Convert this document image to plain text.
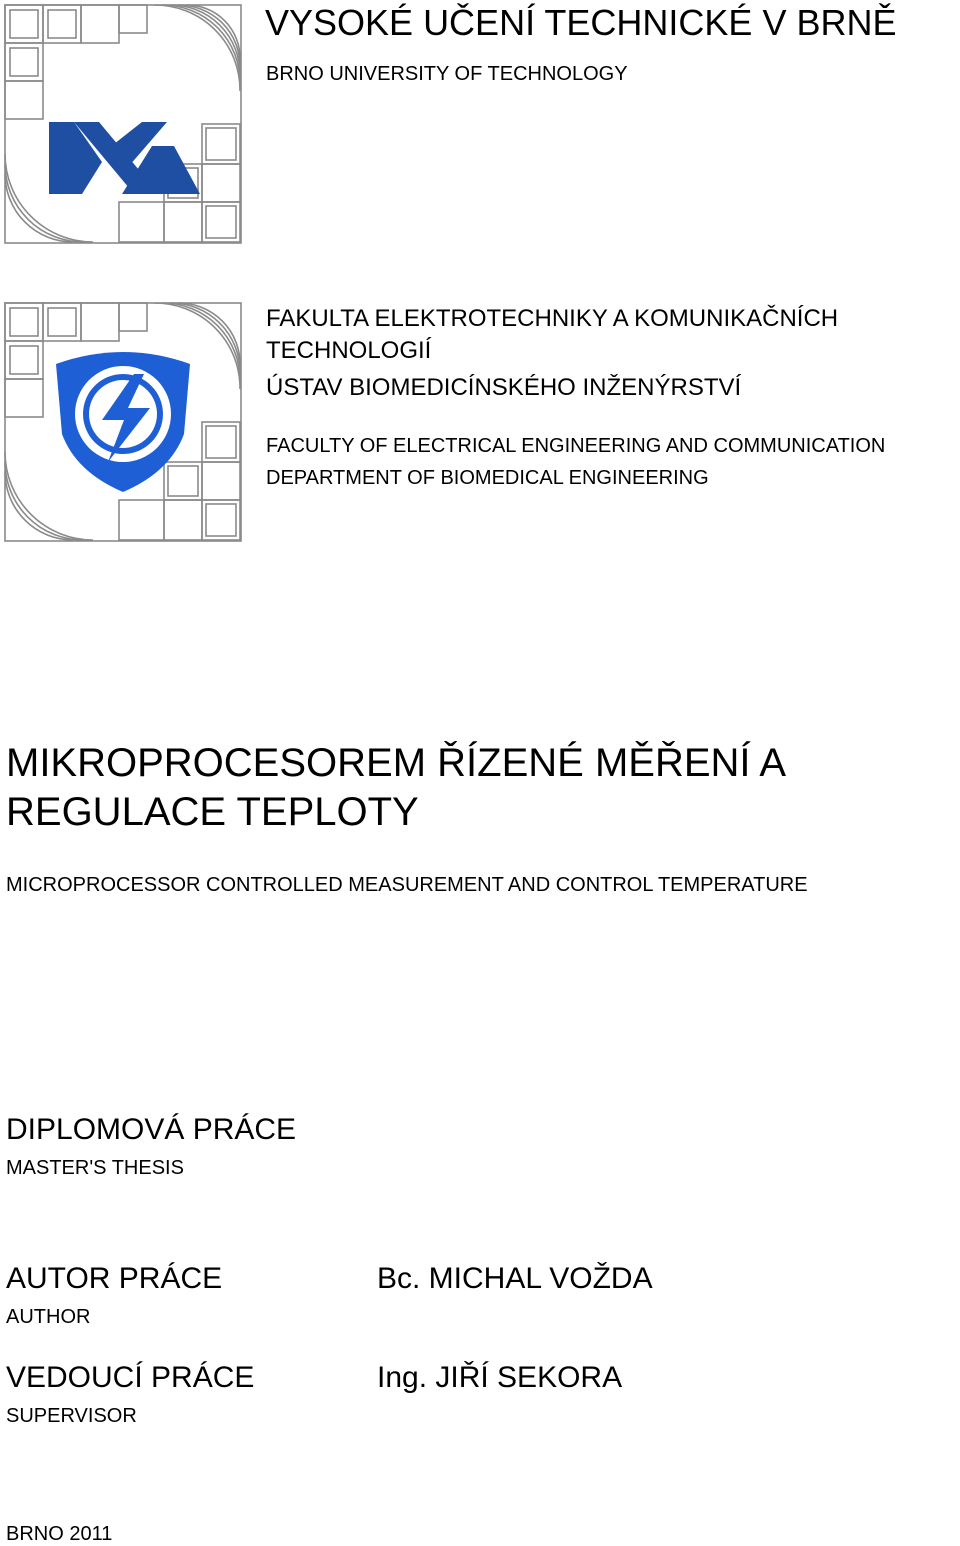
VYSOKÉ UČENÍ TECHNICKÉ V BRNĚ
BRNO UNIVERSITY OF TECHNOLOGY
FAKULTA ELEKTROTECHNIKY A KOMUNIKAČNÍCH
TECHNOLOGIÍ
ÚSTAV BIOMEDICÍNSKÉHO INŽENÝRSTVÍ
FACULTY OF ELECTRICAL ENGINEERING AND COMMUNICATION
DEPARTMENT OF BIOMEDICAL ENGINEERING
MIKROPROCESOREM ŘÍZENÉ MĚŘENÍ A
REGULACE TEPLOTY
MICROPROCESSOR CONTROLLED MEASUREMENT AND CONTROL TEMPERATURE
DIPLOMOVÁ PRÁCE
MASTER'S THESIS
AUTOR PRÁCE
AUTHOR
Bc. MICHAL VOŽDA
VEDOUCÍ PRÁCE
SUPERVISOR
Ing. JIŘÍ SEKORA
BRNO 2011
